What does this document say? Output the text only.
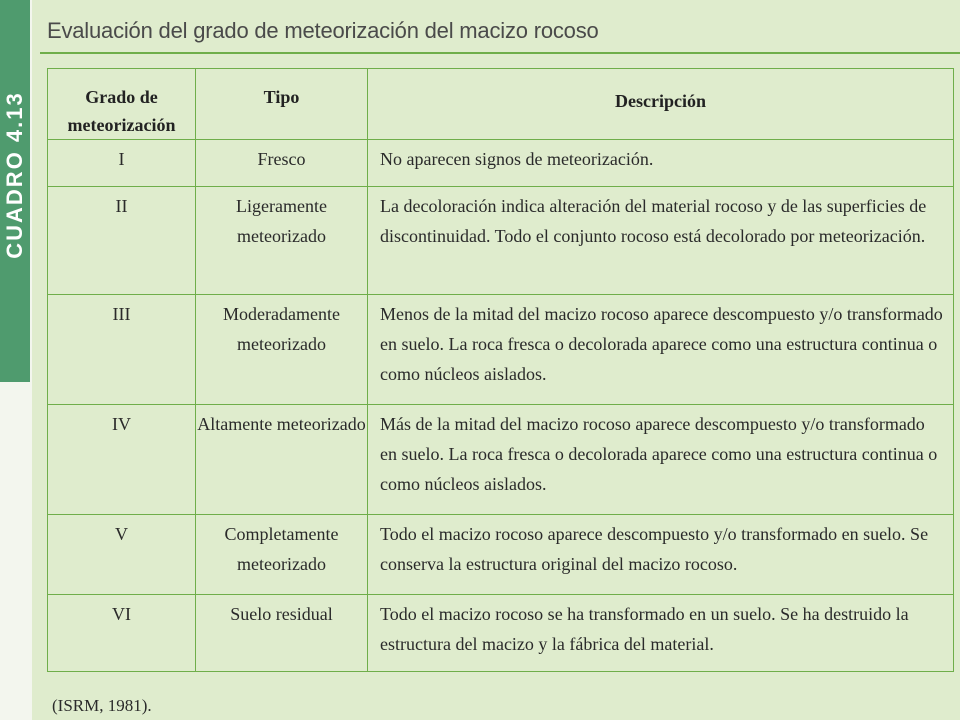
CUADRO 4.13
Evaluación del grado de meteorización del macizo rocoso
Grado de meteorización	Tipo	Descripción
I	Fresco	No aparecen signos de meteorización.
II	Ligeramente meteorizado	La decoloración indica alteración del material rocoso y de las superficies de discontinuidad. Todo el conjunto rocoso está decolorado por meteorización.
III	Moderadamente meteorizado	Menos de la mitad del macizo rocoso aparece descompuesto y/o transformado en suelo. La roca fresca o decolorada aparece como una estructura continua o como núcleos aislados.
IV	Altamente meteorizado	Más de la mitad del macizo rocoso aparece descompuesto y/o transformado en suelo. La roca fresca o decolorada aparece como una estructura continua o como núcleos aislados.
V	Completamente meteorizado	Todo el macizo rocoso aparece descompuesto y/o transformado en suelo. Se conserva la estructura original del macizo rocoso.
VI	Suelo residual	Todo el macizo rocoso se ha transformado en un suelo. Se ha destruido la estructura del macizo y la fábrica del material.
(ISRM, 1981).
